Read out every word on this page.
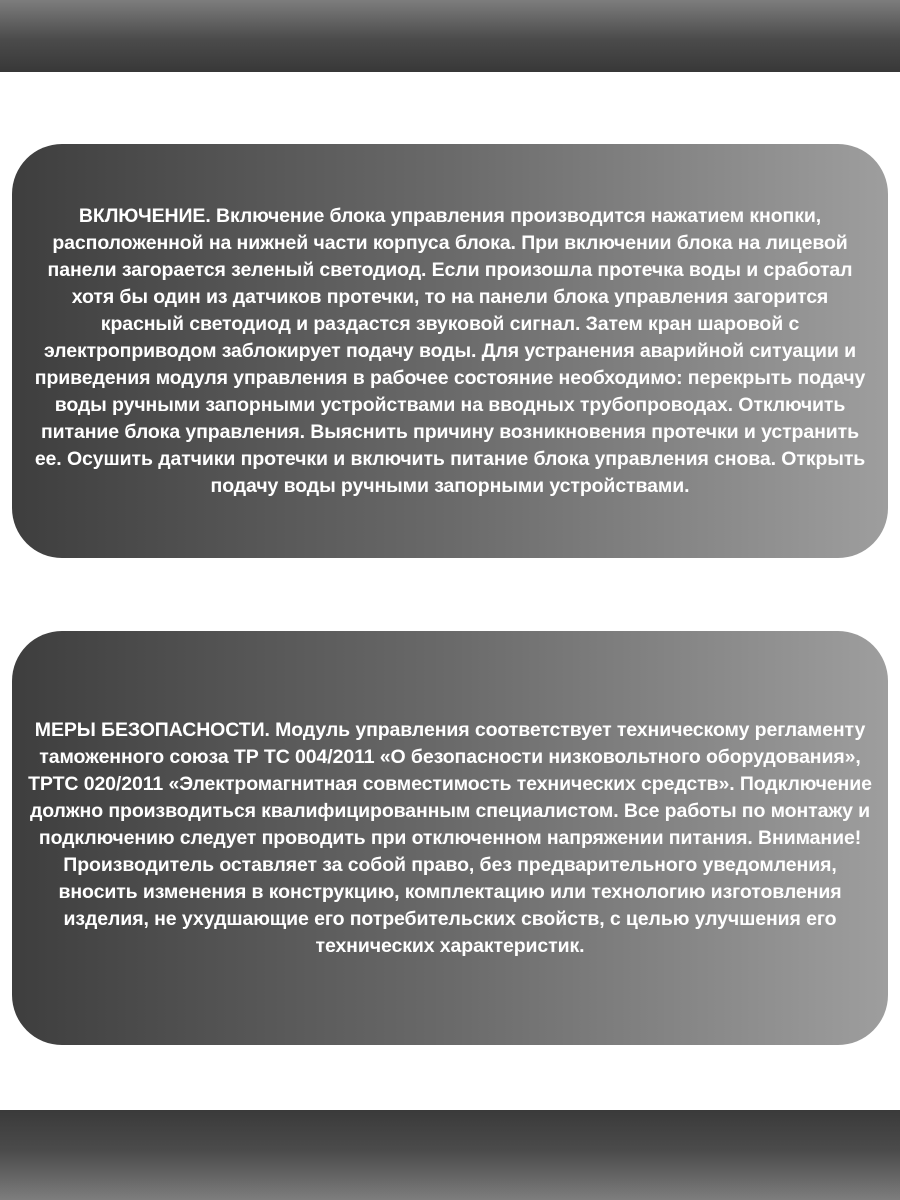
ВКЛЮЧЕНИЕ. Включение блока управления производится нажатием кнопки, расположенной на нижней части корпуса блока. При включении блока на лицевой панели загорается зеленый светодиод. Если произошла протечка воды и сработал хотя бы один из датчиков протечки, то на панели блока управления загорится красный светодиод и раздастся звуковой сигнал. Затем кран шаровой с электроприводом заблокирует подачу воды. Для устранения аварийной ситуации и приведения модуля управления в рабочее состояние необходимо: перекрыть подачу воды ручными запорными устройствами на вводных трубопроводах. Отключить питание блока управления. Выяснить причину возникновения протечки и устранить ее. Осушить датчики протечки и включить питание блока управления снова. Открыть подачу воды ручными запорными устройствами.

МЕРЫ БЕЗОПАСНОСТИ. Модуль управления соответствует техническому регламенту таможенного союза ТР ТС 004/2011 «О безопасности низковольтного оборудования», ТРТС 020/2011 «Электромагнитная совместимость технических средств». Подключение должно производиться квалифицированным специалистом. Все работы по монтажу и подключению следует проводить при отключенном напряжении питания. Внимание! Производитель оставляет за собой право, без предварительного уведомления, вносить изменения в конструкцию, комплектацию или технологию изготовления изделия, не ухудшающие его потребительских свойств, с целью улучшения его технических характеристик.
